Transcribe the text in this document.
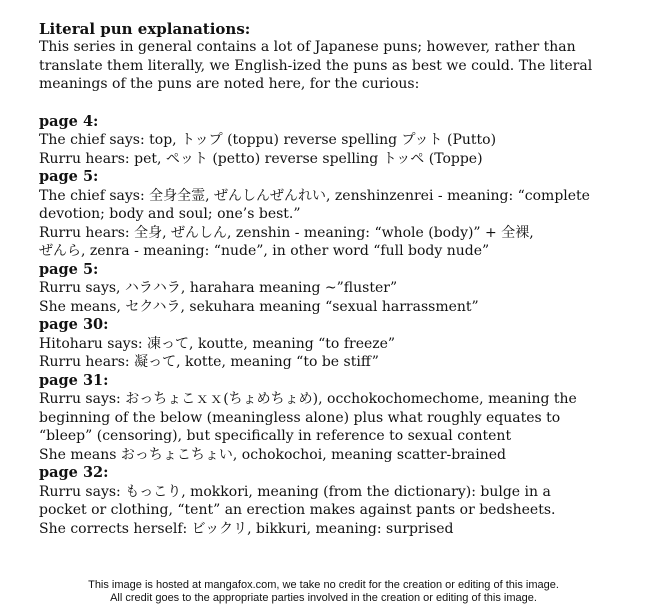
Literal pun explanations:
This series in general contains a lot of Japanese puns; however, rather than
translate them literally, we English-ized the puns as best we could. The literal
meanings of the puns are noted here, for the curious:
page 4:
The chief says: top, トップ (toppu) reverse spelling プット (Putto)
Rurru hears: pet, ペット (petto) reverse spelling トッペ (Toppe)
page 5:
The chief says: 全身全霊, ぜんしんぜんれい, zenshinzenrei - meaning: “complete
devotion; body and soul; one’s best.”
Rurru hears: 全身, ぜんしん, zenshin - meaning: “whole (body)” + 全裸,
ぜんら, zenra - meaning: “nude”, in other word “full body nude”
page 5:
Rurru says, ハラハラ, harahara meaning ~”fluster”
She means, セクハラ, sekuhara meaning “sexual harrassment”
page 30:
Hitoharu says: 凍って, koutte, meaning “to freeze”
Rurru hears: 凝って, kotte, meaning “to be stiff”
page 31:
Rurru says: おっちょこｘｘ(ちょめちょめ), occhokochomechome, meaning the
beginning of the below (meaningless alone) plus what roughly equates to
“bleep” (censoring), but specifically in reference to sexual content
She means おっちょこちょい, ochokochoi, meaning scatter-brained
page 32:
Rurru says: もっこり, mokkori, meaning (from the dictionary): bulge in a
pocket or clothing, “tent” an erection makes against pants or bedsheets.
She corrects herself: ビックリ, bikkuri, meaning: surprised
This image is hosted at mangafox.com, we take no credit for the creation or editing of this image.
All credit goes to the appropriate parties involved in the creation or editing of this image.
